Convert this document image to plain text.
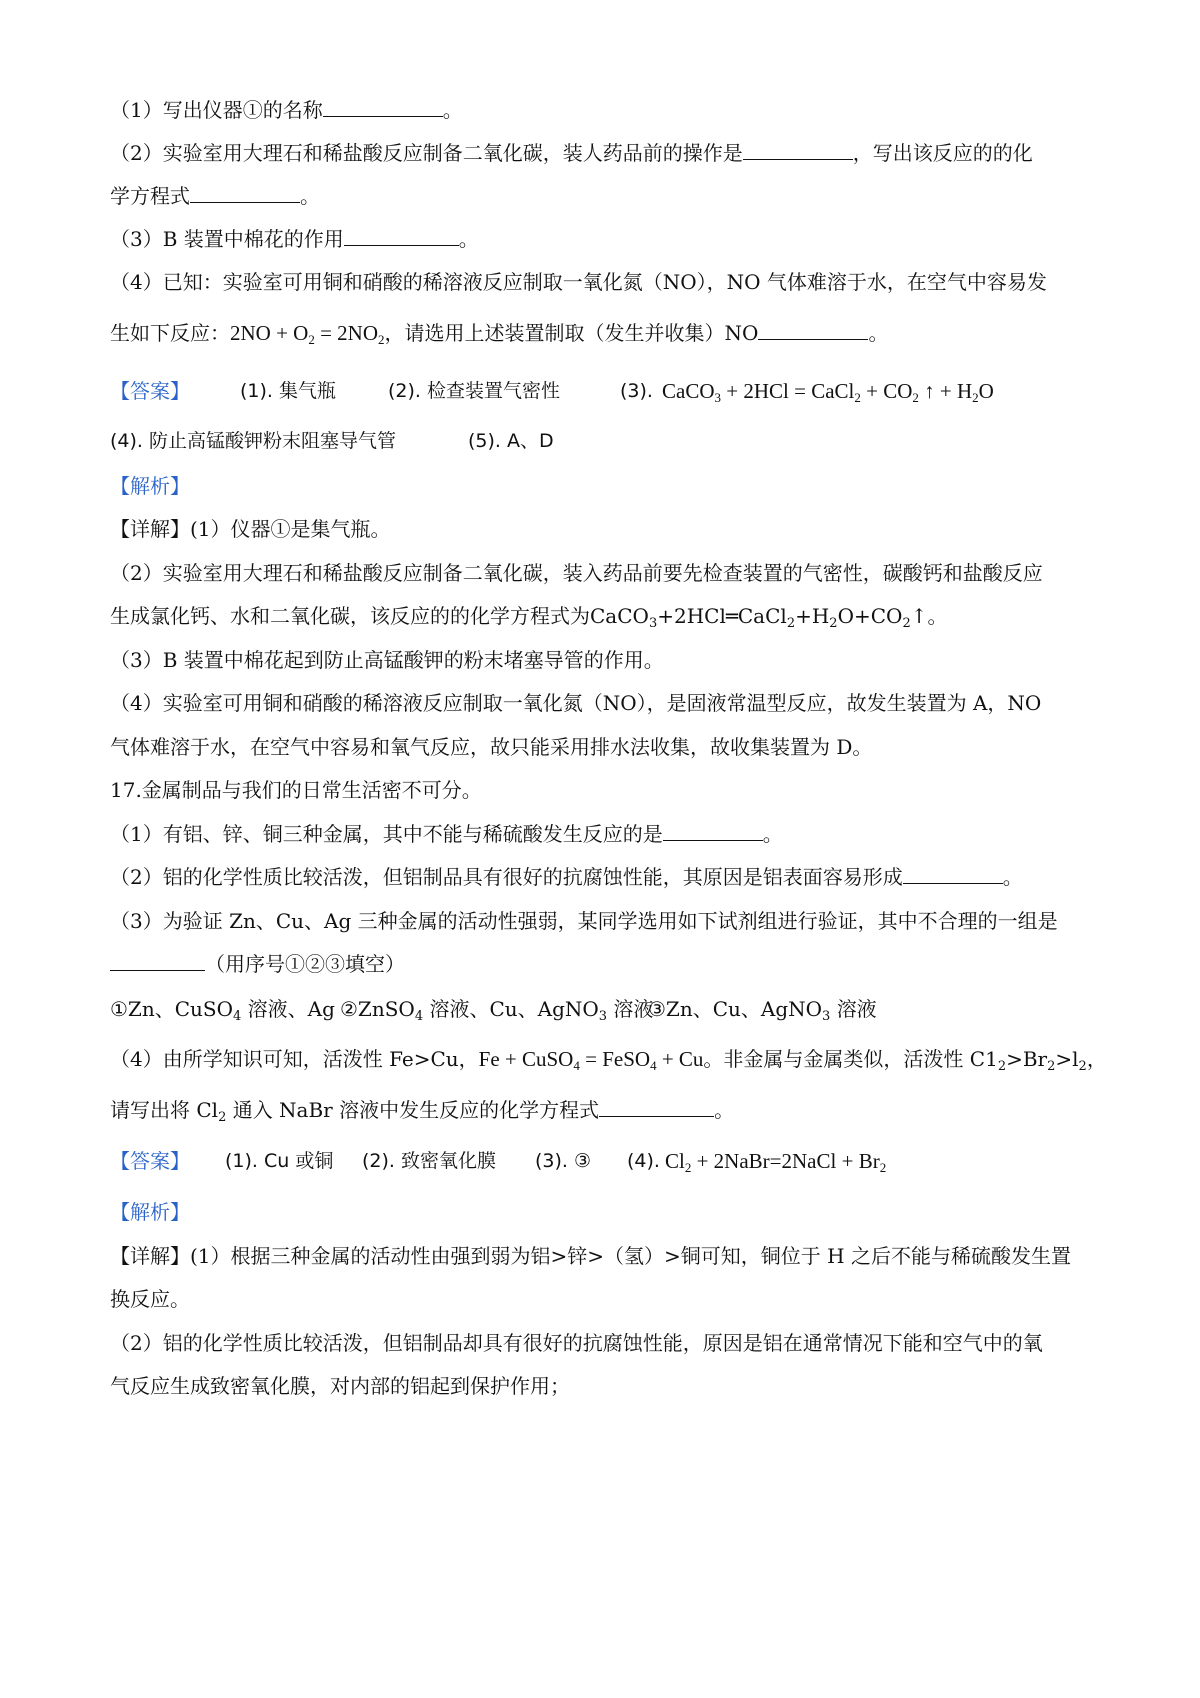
（1）写出仪器①的名称	。
（2）实验室用大理石和稀盐酸反应制备二氧化碳，装人药品前的操作是	，写出该反应的的化
学方程式	。
（3）B 装置中棉花的作用	。
（4）已知：实验室可用铜和硝酸的稀溶液反应制取一氧化氮（NO），NO 气体难溶于水，在空气中容易发
生如下反应：$2NO + O_2 = 2NO_2$，请选用上述装置制取（发生并收集）NO	。
【答案】	(1). 集气瓶	(2). 检查装置气密性	(3). CaCO$_3$ + 2HCl = CaCl$_2$ + $CO_2$ ↑ + $H_2O$
(4). 防止高锰酸钾粉末阻塞导气管	(5). A、D
【解析】
【详解】(1）仪器①是集气瓶。
（2）实验室用大理石和稀盐酸反应制备二氧化碳，装入药品前要先检查装置的气密性，碳酸钙和盐酸反应
生成氯化钙、水和二氧化碳，该反应的的化学方程式为$CaCO_3+2HCl═CaCl_2+H_2O+CO_2↑$。
（3）B 装置中棉花起到防止高锰酸钾的粉末堵塞导管的作用。
（4）实验室可用铜和硝酸的稀溶液反应制取一氧化氮（NO），是固液常温型反应，故发生装置为 A，NO
气体难溶于水，在空气中容易和氧气反应，故只能采用排水法收集，故收集装置为 D。
17.金属制品与我们的日常生活密不可分。
（1）有铝、锌、铜三种金属，其中不能与稀硫酸发生反应的是	。
（2）铝的化学性质比较活泼，但铝制品具有很好的抗腐蚀性能，其原因是铝表面容易形成	。
（3）为验证 Zn、Cu、Ag 三种金属的活动性强弱，某同学选用如下试剂组进行验证，其中不合理的一组是
（用序号①②③填空）
①Zn、CuSO$_4$ 溶液、Ag ②ZnSO$_4$ 溶液、Cu、AgNO$_3$ 溶液
③Zn、Cu、AgNO$_3$ 溶液
（4）由所学知识可知，活泼性 Fe>Cu，Fe + CuSO$_4$ = FeSO$_4$ + Cu。非金属与金属类似，活泼性 $C1_2>Br_2>l_2$，
请写出将 $Cl_2$ 通入 NaBr 溶液中发生反应的化学方程式	。
【答案】 (1). Cu 或铜 (2). 致密氧化膜 (3). ③ (4). $Cl_2$ + 2NaBr=2NaCl + $Br_2$
【解析】
【详解】(1）根据三种金属的活动性由强到弱为铝>锌>（氢）>铜可知，铜位于 H 之后不能与稀硫酸发生置
换反应。
（2）铝的化学性质比较活泼，但铝制品却具有很好的抗腐蚀性能，原因是铝在通常情况下能和空气中的氧
气反应生成致密氧化膜，对内部的铝起到保护作用；
